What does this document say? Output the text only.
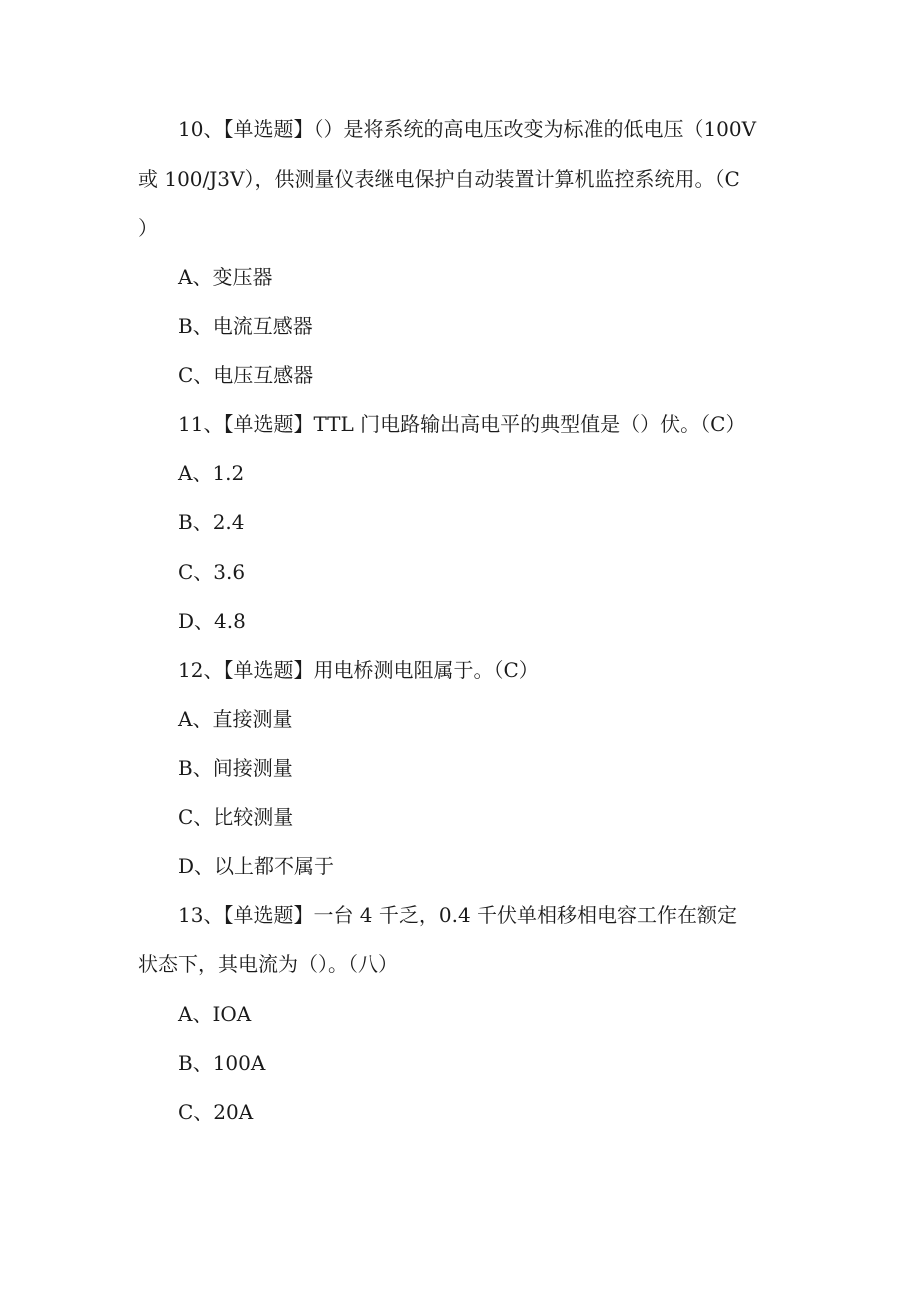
10、【单选题】（）是将系统的高电压改变为标准的低电压（100V
或 100/J3V），供测量仪表继电保护自动装置计算机监控系统用。（C
）
A、变压器
B、电流互感器
C、电压互感器
11、【单选题】TTL 门电路输出高电平的典型值是（）伏。（C）
A、1.2
B、2.4
C、3.6
D、4.8
12、【单选题】用电桥测电阻属于。（C）
A、直接测量
B、间接测量
C、比较测量
D、以上都不属于
13、【单选题】一台 4 千乏，0.4 千伏单相移相电容工作在额定
状态下，其电流为（）。（八）
A、IOA
B、100A
C、20A
